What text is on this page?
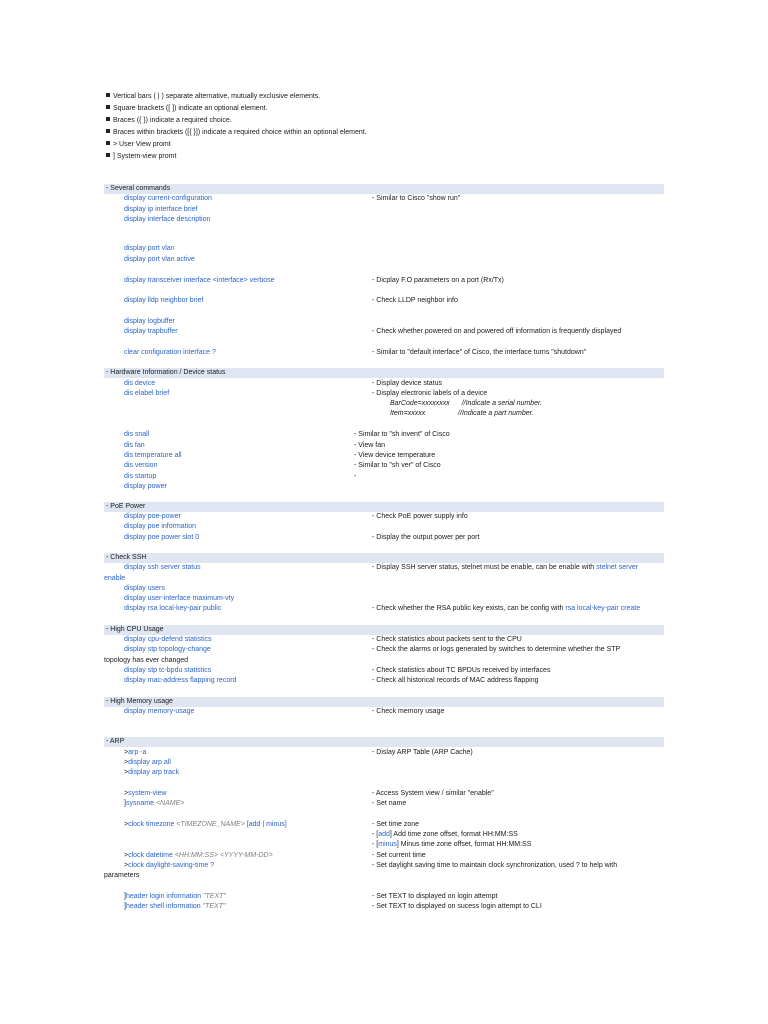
Vertical bars ( | ) separate alternative, mutually exclusive elements.
Square brackets ([ ]) indicate an optional element.
Braces ({ }) indicate a required choice.
Braces within brackets ([{ }]) indicate a required choice within an optional element.
> User View promt
] System-view promt
- Several commands
display current-configuration	- Similar to Cisco "show run"
display ip interface brief
display interface description
display port vlan
display port vlan active
display transceiver interface <interface> verbose	- Dicplay F.O parameters on a port (Rx/Tx)
display lldp neighbor brief	- Check LLDP neighbor info
display logbuffer
display trapbuffer	- Check whether powered on and powered off information is frequently displayed
clear configuration interface ?	- Similar to "default interface" of Cisco, the interface turns "shutdown"
- Hardware Information / Device status
dis device	- Display device status
dis elabel brief	- Display electronic labels of a device
BarCode=xxxxxxxx //Indicate a serial number.
Item=xxxxx	//Indicate a part number.
dis snall	- Similar to "sh invent" of Cisco
dis fan	- View fan
dis temperature all	- View device temperature
dis version	- Similar to "sh ver" of Cisco
dis startup	-
display power
- PoE Power
display poe-power	- Check PoE power supply info
display poe information
display poe power slot 0	- Display the output power per port
- Check SSH
display ssh server status	- Display SSH server status, stelnet must be enable, can be enable with stelnet server
enable
display users
display user-interface maximum-vty
display rsa local-key-pair public	- Check whether the RSA public key exists, can be config with rsa local-key-pair create
- High CPU Usage
display cpu-defend statistics	- Check statistics about packets sent to the CPU
display stp topology-change	- Check the alarms or logs generated by switches to determine whether the STP
topology has ever changed
display stp tc-bpdu statistics	- Check statistics about TC BPDUs received by interfaces
display mac-address flapping record	- Check all historical records of MAC address flapping
- High Memory usage
display memory-usage	- Check memory usage
- ARP
>arp -a	- Dislay ARP Table (ARP Cache)
>display arp all
>display arp track
>system-view	- Access System view / similar "enable"
]sysname <NAME>	- Set name
>clock timezone <TIMEZONE_NAME> [add | minus]	- Set time zone
- [add] Add time zone offset, format HH:MM:SS
- [minus] Minus time zone offset, format HH:MM:SS
>clock datetime <HH:MM:SS> <YYYY-MM-DD>	- Set current time
>clock daylight-saving-time ?	- Set daylight saving time to maintain clock synchronization, used ? to help with
parameters
]header login information "TEXT"	- Set TEXT to displayed on login attempt
]header shell information "TEXT"	- Set TEXT to displayed on sucess login attempt to CLI
